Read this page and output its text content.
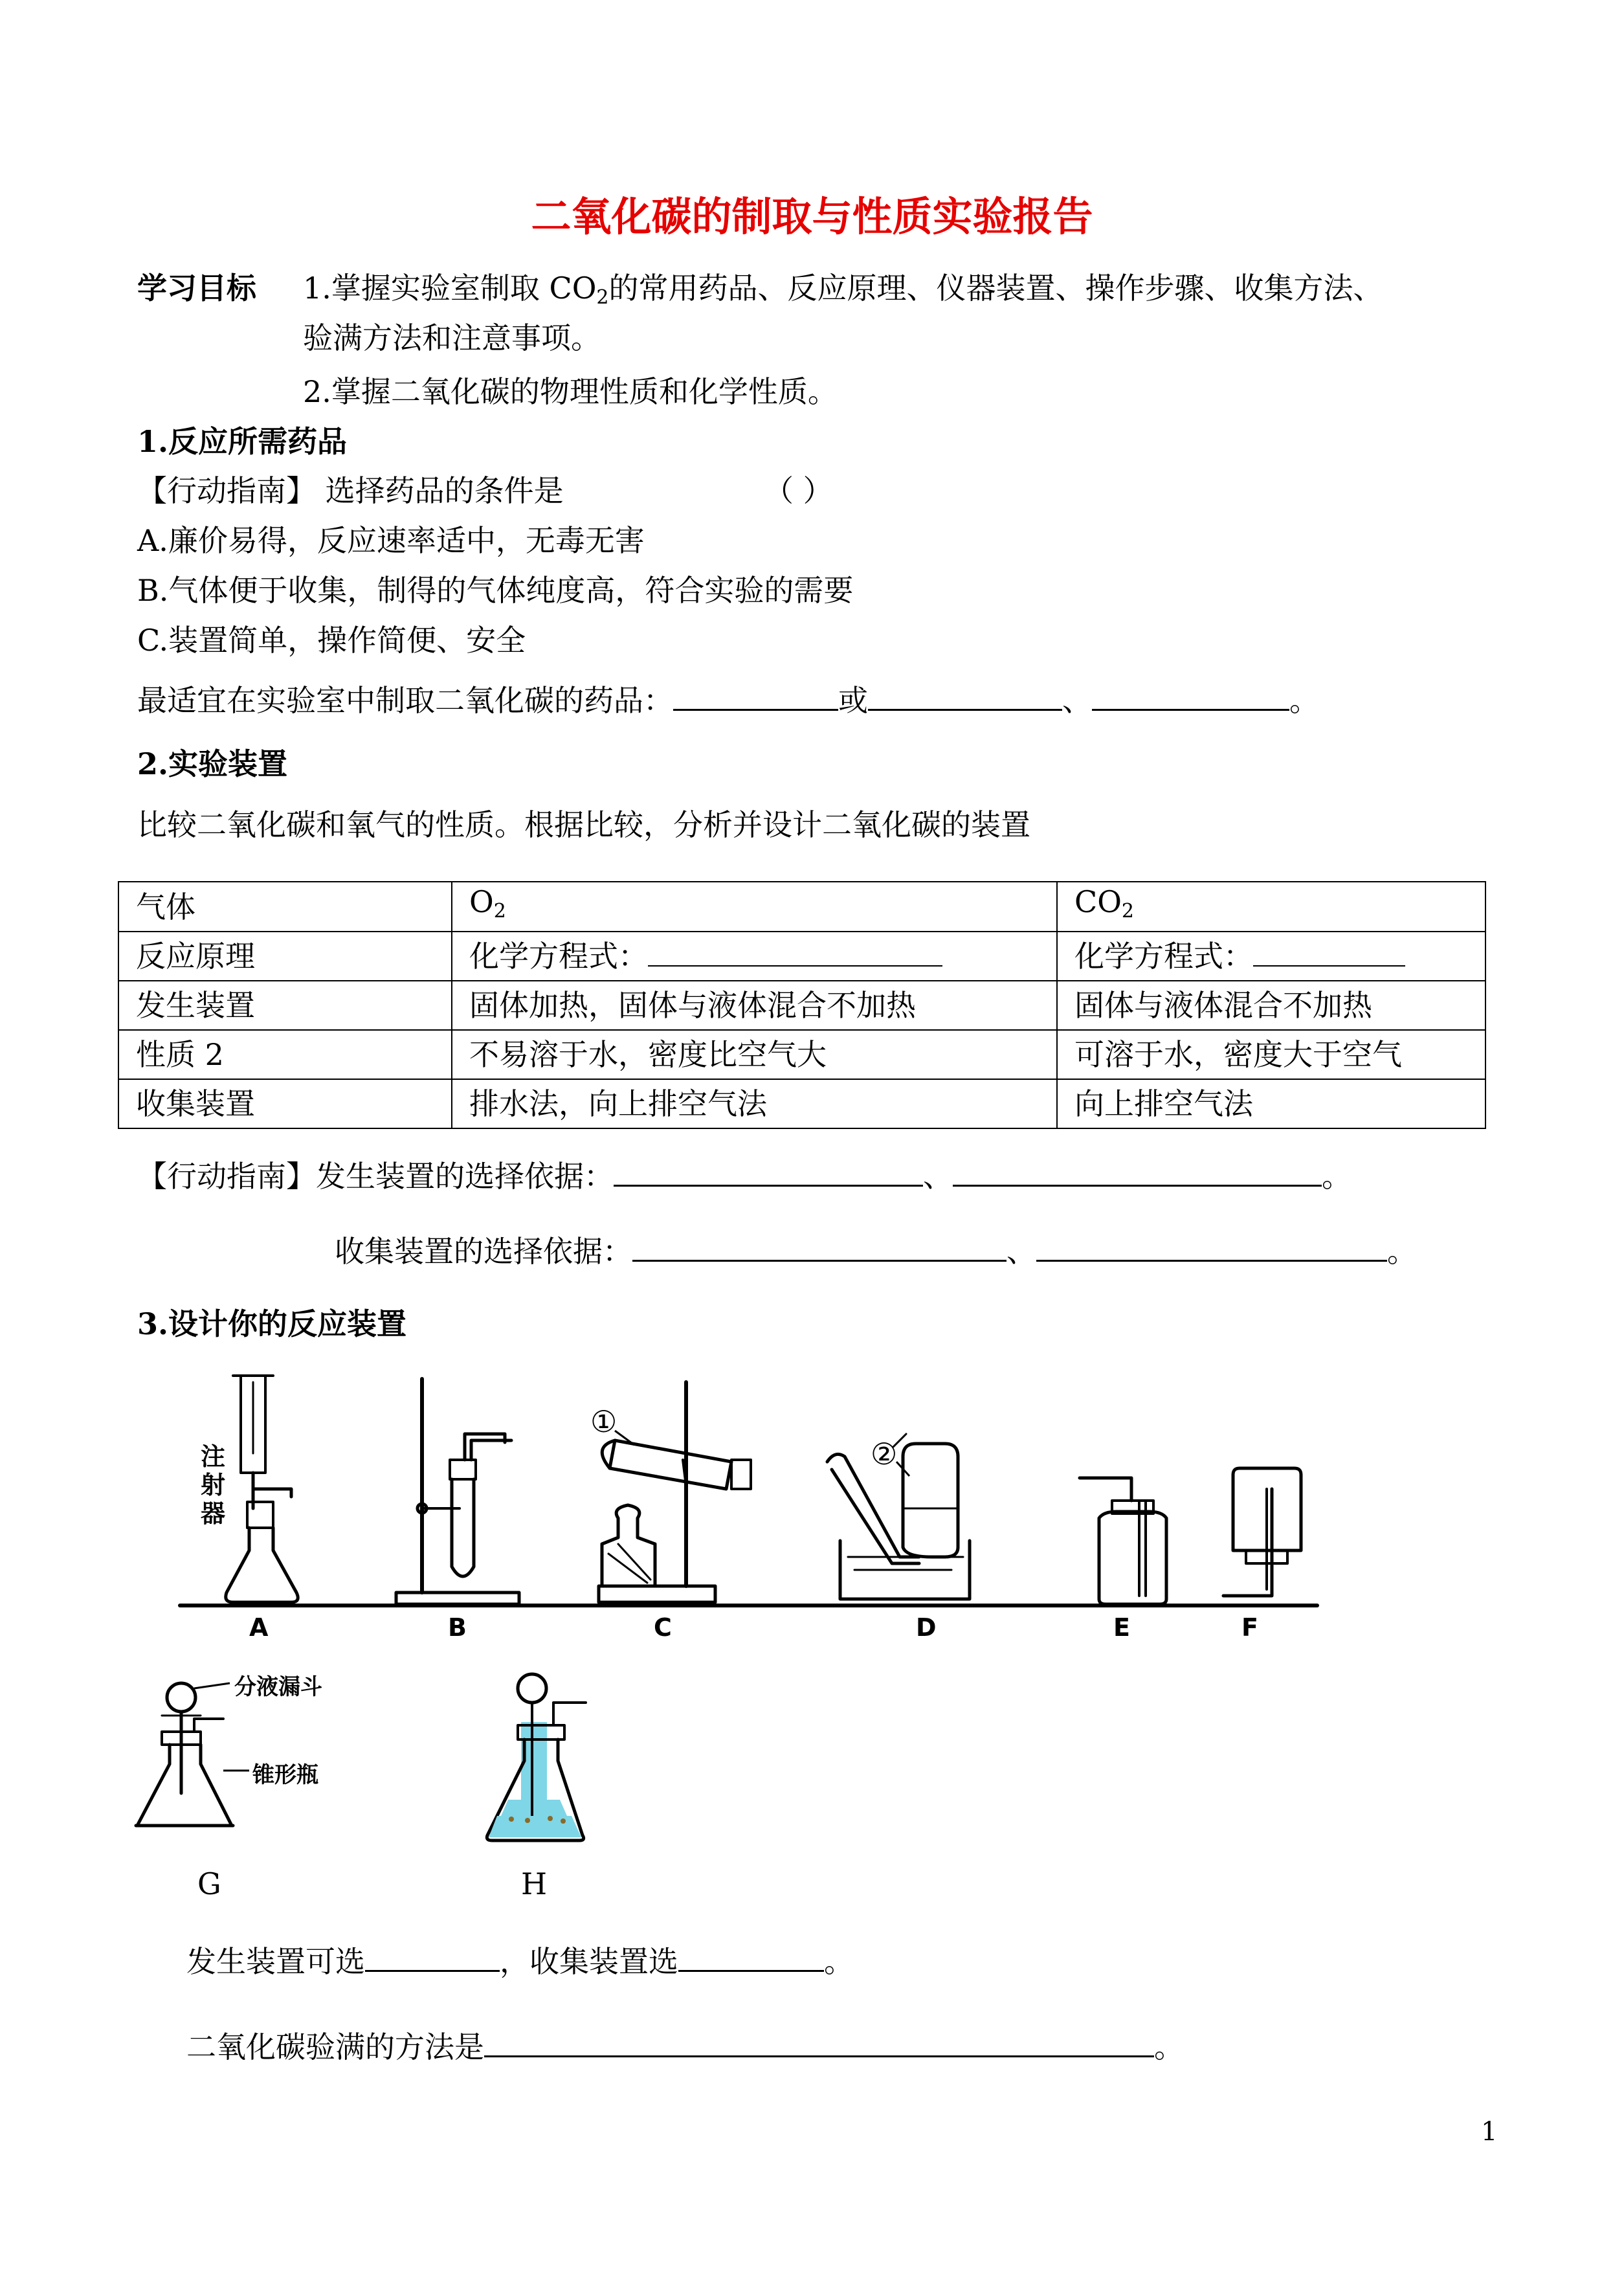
二氧化碳的制取与性质实验报告
学习目标 1.掌握实验室制取 $CO_2$的常用药品、反应原理、仪器装置、操作步骤、收集方法、
验满方法和注意事项。
2.掌握二氧化碳的物理性质和化学性质。
1.反应所需药品
【行动指南】 选择药品的条件是	（ ）
A.廉价易得，反应速率适中，无毒无害
B.气体便于收集，制得的气体纯度高，符合实验的需要
C.装置简单，操作简便、安全
最适宜在实验室中制取二氧化碳的药品：	或	、	。
2.实验装置
比较二氧化碳和氧气的性质。根据比较，分析并设计二氧化碳的装置
气体	$O_2$	$CO_2$
反应原理	化学方程式：	化学方程式：
发生装置	固体加热，固体与液体混合不加热	固体与液体混合不加热
性质 2	不易溶于水，密度比空气大	可溶于水，密度大于空气
收集装置	排水法，向上排空气法	向上排空气法
【行动指南】发生装置的选择依据：	、	。
收集装置的选择依据：	、	。
3.设计你的反应装置
①
②
注
射
器
A	B	C	D	E	F
分液漏斗
锥形瓶
G	H
发生装置可选	，收集装置选	。
二氧化碳验满的方法是	。
1
